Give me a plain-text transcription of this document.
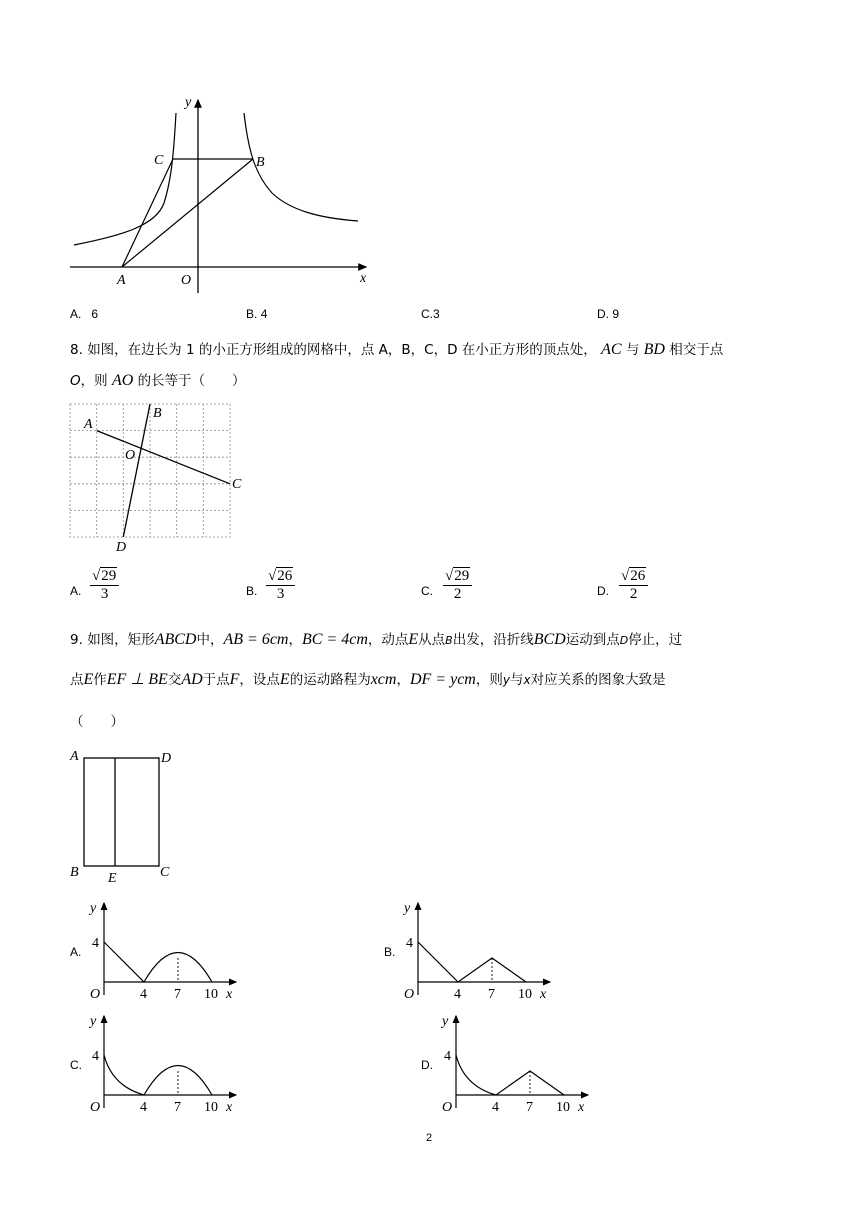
y
x
O
A
C	B
A. 6	B. 4	C.3	D. 9
8. 如图，在边长为 1 的小正方形组成的网格中，点 A，B，C，D 在小正方形的顶点处， AC 与 BD 相交于点
O，则 AO 的长等于（　　）
A
B
O
C
D
A. $\frac{√29}{3}$	B. $\frac{√26}{3}$	C. $\frac{√29}{2}$	D. $\frac{√26}{2}$
9. 如图，矩形ABCD中，AB = 6cm，BC = 4cm，动点E从点B出发，沿折线BCD运动到点D停止，过
点E作EF ⊥ BE交AD于点F，设点E的运动路程为xcm，DF = ycm，则y与x对应关系的图象大致是
（　　）
A	D
B E	C
A.
y
4
O	4 7 10 x
B.
y
4
O	4 7 10 x
C.
y
4
O	4 7 10 x
D.
y
4
O	4 7 10 x
2
